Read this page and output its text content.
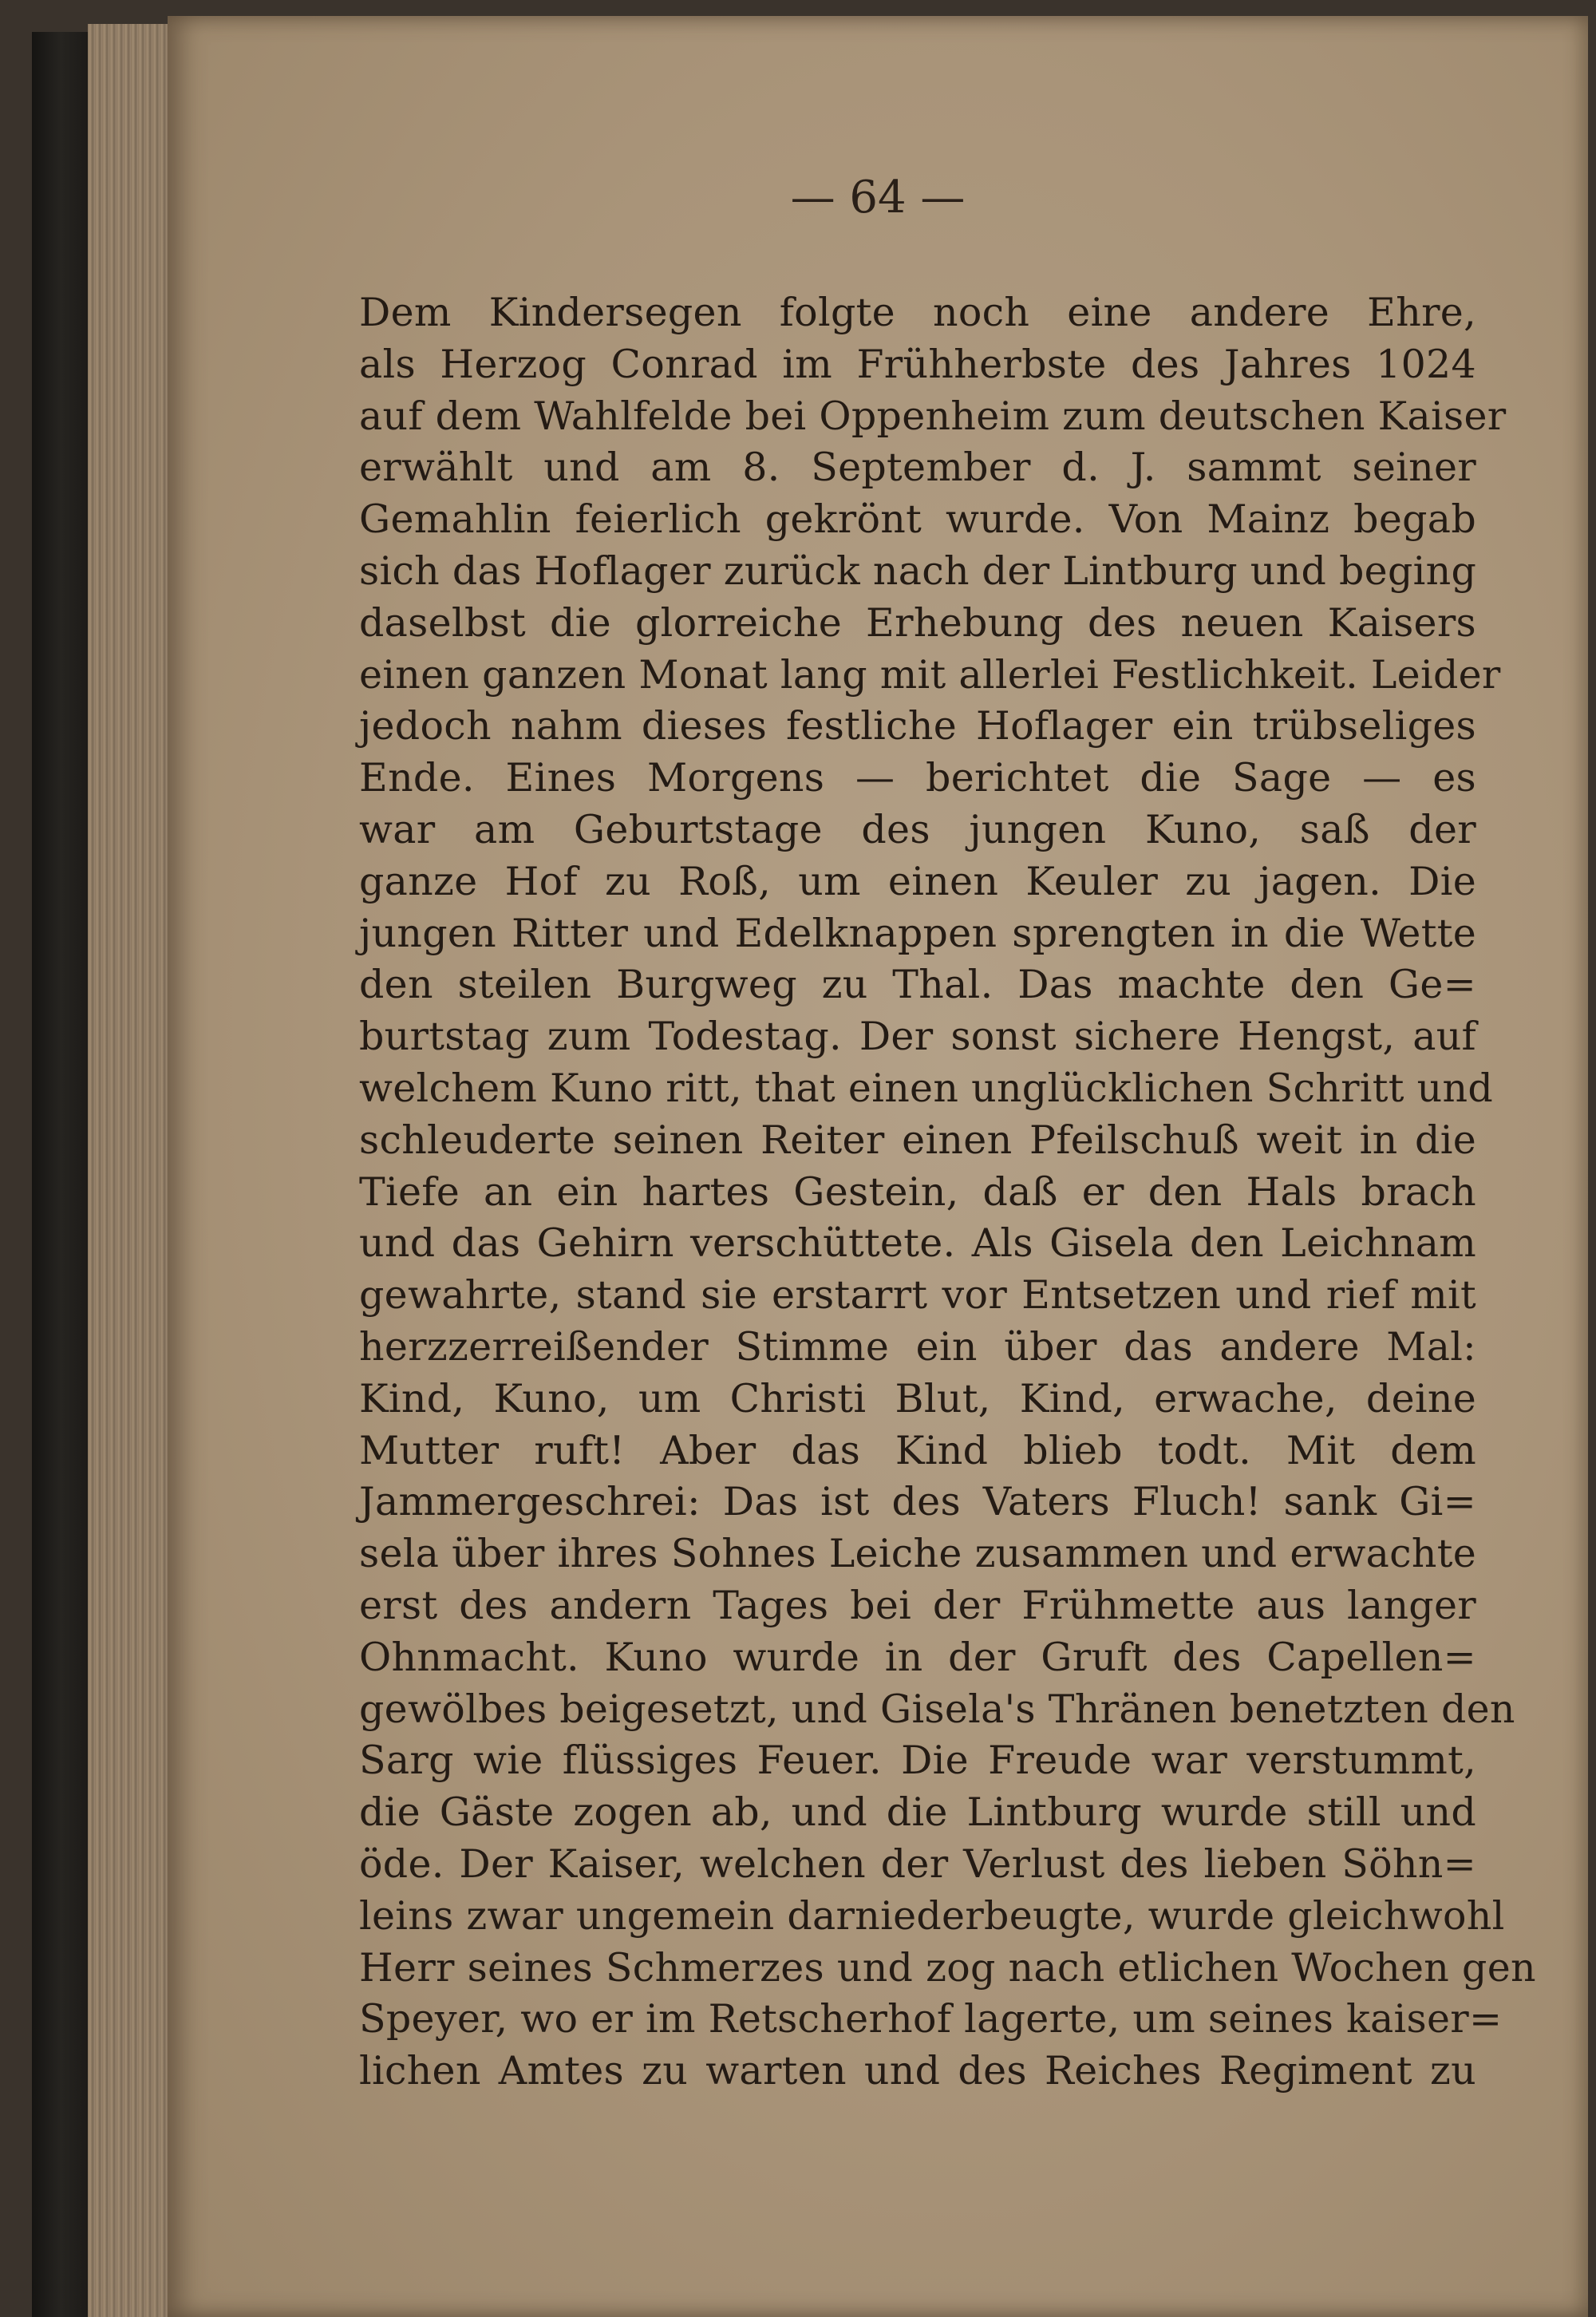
— 64 —

Dem Kindersegen folgte noch eine andere Ehre,
als Herzog Conrad im Frühherbste des Jahres 1024
auf dem Wahlfelde bei Oppenheim zum deutschen Kaiser
erwählt und am 8. September d. J. sammt seiner
Gemahlin feierlich gekrönt wurde. Von Mainz begab
sich das Hoflager zurück nach der Lintburg und beging
daselbst die glorreiche Erhebung des neuen Kaisers
einen ganzen Monat lang mit allerlei Festlichkeit. Leider
jedoch nahm dieses festliche Hoflager ein trübseliges
Ende. Eines Morgens — berichtet die Sage — es
war am Geburtstage des jungen Kuno, saß der
ganze Hof zu Roß, um einen Keuler zu jagen. Die
jungen Ritter und Edelknappen sprengten in die Wette
den steilen Burgweg zu Thal. Das machte den Ge=
burtstag zum Todestag. Der sonst sichere Hengst, auf
welchem Kuno ritt, that einen unglücklichen Schritt und
schleuderte seinen Reiter einen Pfeilschuß weit in die
Tiefe an ein hartes Gestein, daß er den Hals brach
und das Gehirn verschüttete. Als Gisela den Leichnam
gewahrte, stand sie erstarrt vor Entsetzen und rief mit
herzzerreißender Stimme ein über das andere Mal:
Kind, Kuno, um Christi Blut, Kind, erwache, deine
Mutter ruft! Aber das Kind blieb todt. Mit dem
Jammergeschrei: Das ist des Vaters Fluch! sank Gi=
sela über ihres Sohnes Leiche zusammen und erwachte
erst des andern Tages bei der Frühmette aus langer
Ohnmacht. Kuno wurde in der Gruft des Capellen=
gewölbes beigesetzt, und Gisela's Thränen benetzten den
Sarg wie flüssiges Feuer. Die Freude war verstummt,
die Gäste zogen ab, und die Lintburg wurde still und
öde. Der Kaiser, welchen der Verlust des lieben Söhn=
leins zwar ungemein darniederbeugte, wurde gleichwohl
Herr seines Schmerzes und zog nach etlichen Wochen gen
Speyer, wo er im Retscherhof lagerte, um seines kaiser=
lichen Amtes zu warten und des Reiches Regiment zu
